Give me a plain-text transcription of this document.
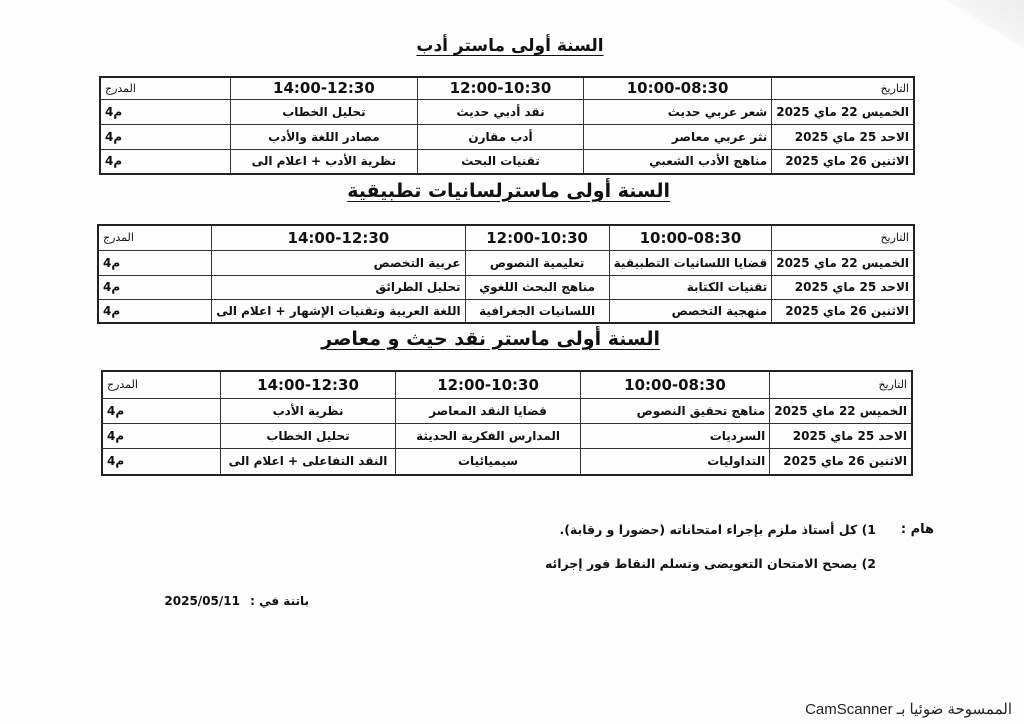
السنة أولى ماستر أدب
التاريخ	10:00-08:30	12:00-10:30	14:00-12:30	المدرج
الخميس 22 ماي 2025	شعر عربي حديث	نقد أدبي حديث	تحليل الخطاب	م4
الاحد 25 ماي 2025	نثر عربي معاصر	أدب مقارن	مصادر اللغة والأدب	م4
الاثنين 26 ماي 2025	مناهج الأدب الشعبي	تقنيات البحث	نظرية الأدب + اعلام الى	م4
السنة أولى ماسترلسانيات تطبيقية
التاريخ	10:00-08:30	12:00-10:30	14:00-12:30	المدرج
الخميس 22 ماي 2025	قضايا اللسانيات التطبيقية	تعليمية النصوص	عربية التخصص	م4
الاحد 25 ماي 2025	تقنيات الكتابة	مناهج البحث اللغوي	تحليل الطرائق	م4
الاثنين 26 ماي 2025	منهجية التخصص	اللسانيات الجغرافية	اللغة العربية وتقنيات الإشهار + اعلام الى	م4
السنة أولى ماستر نقد حيث و معاصر
التاريخ	10:00-08:30	12:00-10:30	14:00-12:30	المدرج
الخميس 22 ماي 2025	مناهج تحقيق النصوص	قضايا النقد المعاصر	نظرية الأدب	م4
الاحد 25 ماي 2025	السرديات	المدارس الفكرية الحديثة	تحليل الخطاب	م4
الاثنين 26 ماي 2025	التداوليات	سيميائيات	النقد التفاعلى + اعلام الى	م4
هام :
1) كل أستاذ ملزم بإجراء امتحاناته (حضورا و رقابة).
2) يصحح الامتحان التعويضى وتسلم النقاط فور إجرائه
باتنة في : 2025/05/11
الممسوحة ضوئيا بـ CamScanner
